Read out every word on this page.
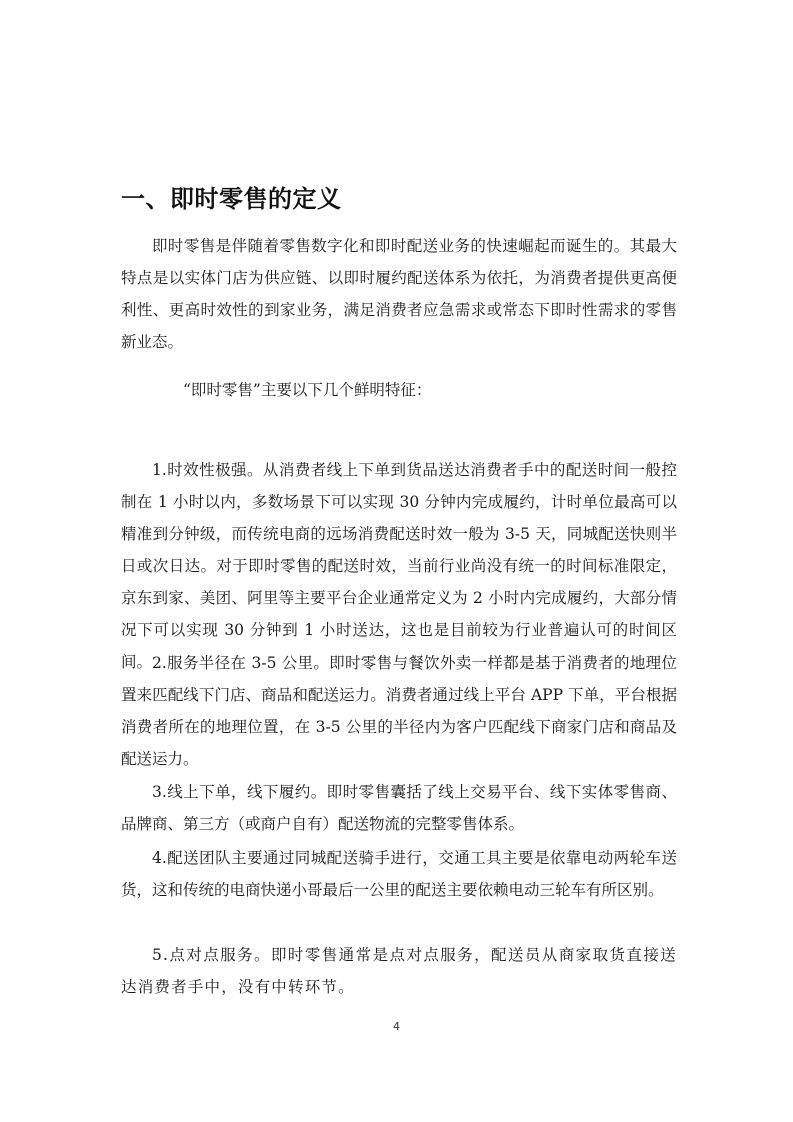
一、即时零售的定义

即时零售是伴随着零售数字化和即时配送业务的快速崛起而诞生的。其最大特点是以实体门店为供应链、以即时履约配送体系为依托，为消费者提供更高便利性、更高时效性的到家业务，满足消费者应急需求或常态下即时性需求的零售新业态。

“即时零售”主要以下几个鲜明特征：

1.时效性极强。从消费者线上下单到货品送达消费者手中的配送时间一般控制在 1 小时以内，多数场景下可以实现 30 分钟内完成履约，计时单位最高可以精准到分钟级，而传统电商的远场消费配送时效一般为 3-5 天，同城配送快则半日或次日达。对于即时零售的配送时效，当前行业尚没有统一的时间标准限定，京东到家、美团、阿里等主要平台企业通常定义为 2 小时内完成履约，大部分情况下可以实现 30 分钟到 1 小时送达，这也是目前较为行业普遍认可的时间区间。 2.服务半径在 3-5 公里。即时零售与餐饮外卖一样都是基于消费者的地理位置来匹配线下门店、商品和配送运力。消费者通过线上平台 APP 下单，平台根据消费者所在的地理位置，在 3-5 公里的半径内为客户匹配线下商家门店和商品及配送运力。

3.线上下单，线下履约。即时零售囊括了线上交易平台、线下实体零售商、品牌商、第三方（或商户自有）配送物流的完整零售体系。

4.配送团队主要通过同城配送骑手进行，交通工具主要是依靠电动两轮车送货，这和传统的电商快递小哥最后一公里的配送主要依赖电动三轮车有所区别。

5.点对点服务。即时零售通常是点对点服务，配送员从商家取货直接送达消费者手中，没有中转环节。

4
